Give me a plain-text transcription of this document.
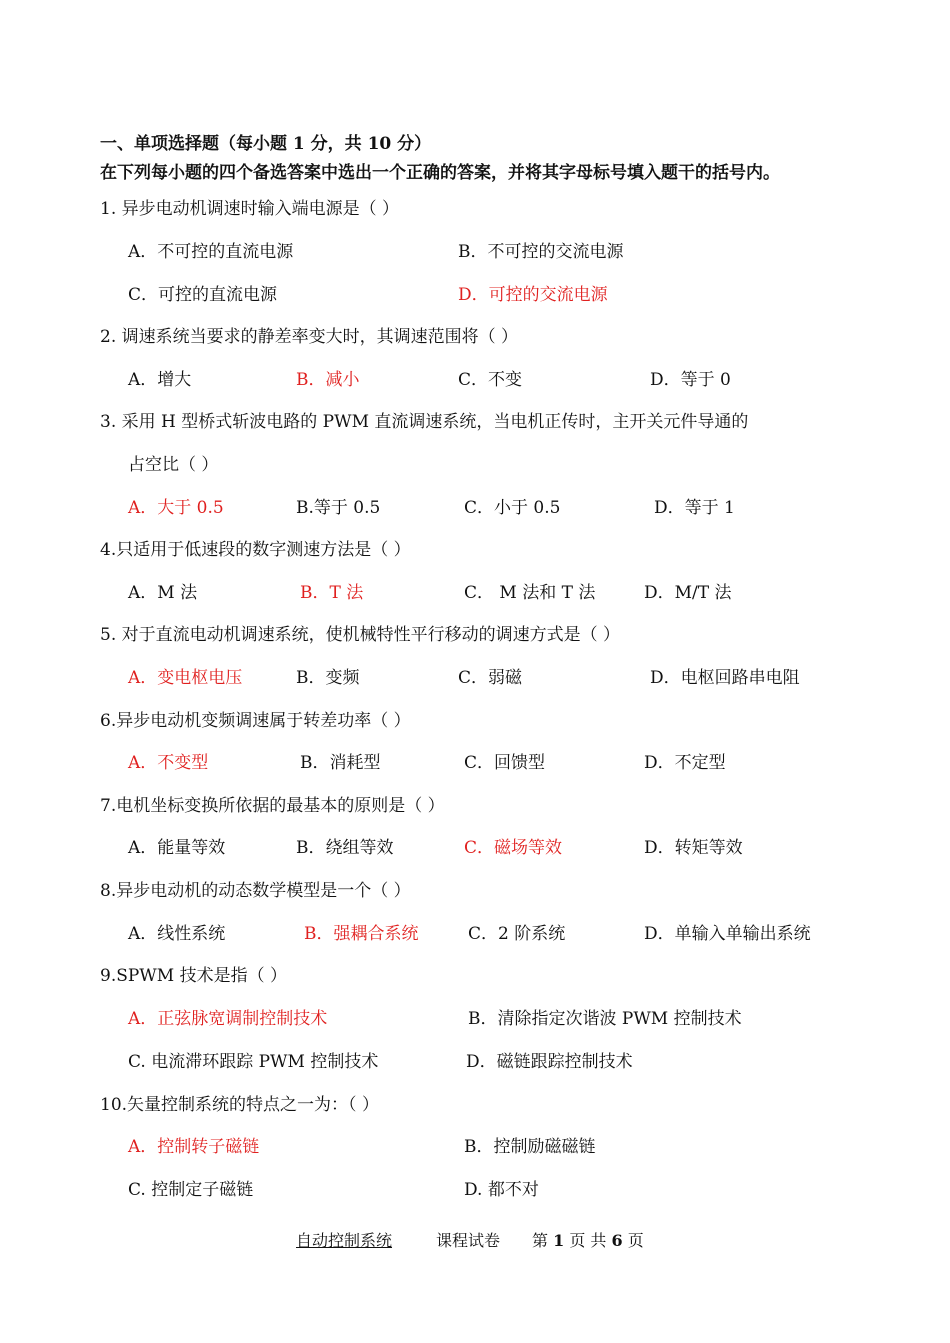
一、单项选择题（每小题 1 分，共 10 分）
在下列每小题的四个备选答案中选出一个正确的答案，并将其字母标号填入题干的括号内。
1. 异步电动机调速时输入端电源是（ ）
A．不可控的直流电源	B．不可控的交流电源
C．可控的直流电源	D．可控的交流电源
2. 调速系统当要求的静差率变大时，其调速范围将（ ）
A．增大	B．减小	C．不变	D．等于 0
3. 采用 H 型桥式斩波电路的 PWM 直流调速系统，当电机正传时，主开关元件导通的
占空比（ ）
A．大于 0.5	B.等于 0.5	C．小于 0.5	D．等于 1
4.只适用于低速段的数字测速方法是（ ）
A．M 法	B．T 法	C． M 法和 T 法	D．M/T 法
5. 对于直流电动机调速系统，使机械特性平行移动的调速方式是（ ）
A．变电枢电压	B．变频	C．弱磁	D．电枢回路串电阻
6.异步电动机变频调速属于转差功率（ ）
A．不变型	B．消耗型	C．回馈型	D．不定型
7.电机坐标变换所依据的最基本的原则是（ ）
A．能量等效	B．绕组等效	C．磁场等效	D．转矩等效
8.异步电动机的动态数学模型是一个（ ）
A．线性系统	B．强耦合系统	C．2 阶系统	D．单输入单输出系统
9.SPWM 技术是指（ ）
A．正弦脉宽调制控制技术	B．清除指定次谐波 PWM 控制技术
C. 电流滞环跟踪 PWM 控制技术	D．磁链跟踪控制技术
10.矢量控制系统的特点之一为：（ ）
A．控制转子磁链	B．控制励磁磁链
C. 控制定子磁链	D. 都不对
自动控制系统	课程试卷 第 1 页 共 6 页
